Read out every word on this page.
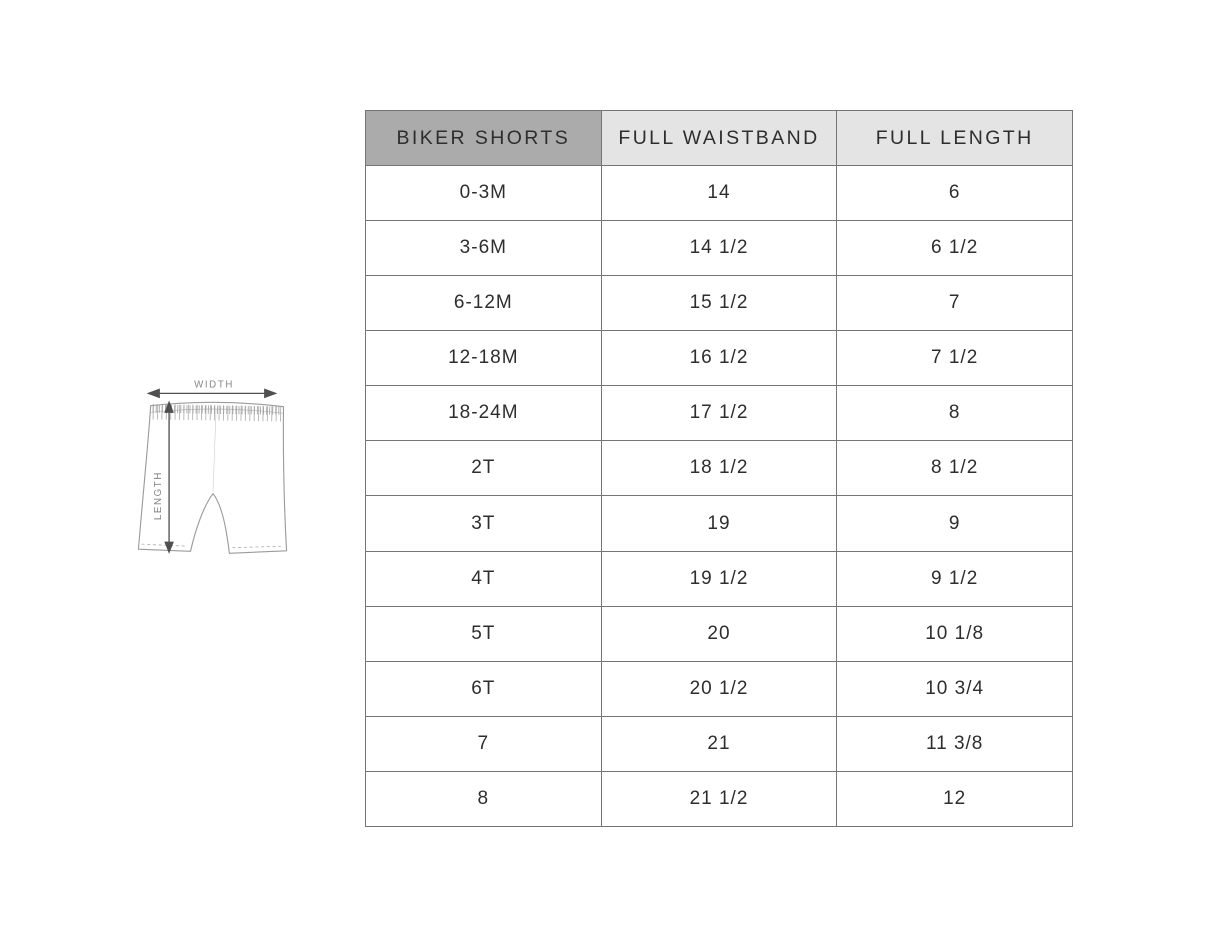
WIDTH
LENGTH
BIKER SHORTS	FULL WAISTBAND	FULL LENGTH
0-3M	14	6
3-6M	14 1/2	6 1/2
6-12M	15 1/2	7
12-18M	16 1/2	7 1/2
18-24M	17 1/2	8
2T	18 1/2	8 1/2
3T	19	9
4T	19 1/2	9 1/2
5T	20	10 1/8
6T	20 1/2	10 3/4
7	21	11 3/8
8	21 1/2	12
